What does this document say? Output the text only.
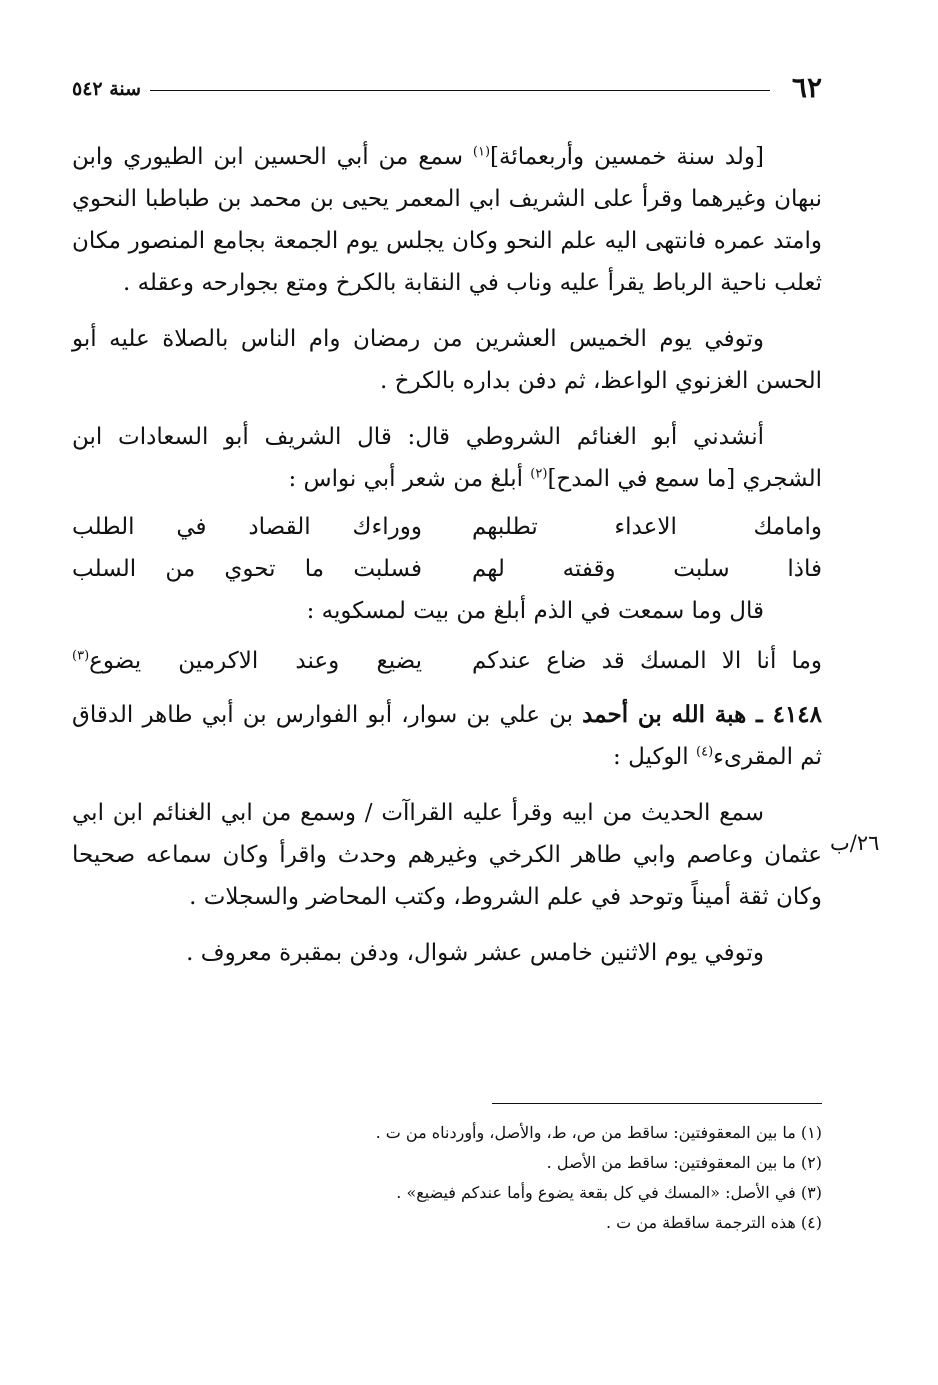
٦٢
سنة ٥٤٢

[ولد سنة خمسين وأربعمائة]$^{(١)}$ سمع من أبي الحسين ابن الطيوري وابن نبهان وغيرهما وقرأ على الشريف ابي المعمر يحيى بن محمد بن طباطبا النحوي وامتد عمره فانتهى اليه علم النحو وكان يجلس يوم الجمعة بجامع المنصور مكان ثعلب ناحية الرباط يقرأ عليه وناب في النقابة بالكرخ ومتع بجوارحه وعقله .

وتوفي يوم الخميس العشرين من رمضان وام الناس بالصلاة عليه أبو الحسن الغزنوي الواعظ، ثم دفن بداره بالكرخ .

أنشدني أبو الغنائم الشروطي قال: قال الشريف أبو السعادات ابن الشجري [ما سمع في المدح]$^{(٢)}$ أبلغ من شعر أبي نواس :

وامامك الاعداء تطلبهم
ووراءك القصاد في الطلب
فاذا سلبت وقفته لهم
فسلبت ما تحوي من السلب

قال وما سمعت في الذم أبلغ من بيت لمسكويه :

وما أنا الا المسك قد ضاع عندكم
يضيع وعند الاكرمين يضوع$^{(٣)}$

٤١٤٨ ـ هبة الله بن أحمد بن علي بن سوار، أبو الفوارس بن أبي طاهر الدقاق ثم المقرىء$^{(٤)}$ الوكيل :

سمع الحديث من ابيه وقرأ عليه القراآت / وسمع من ابي الغنائم ابن ابي عثمان وعاصم وابي طاهر الكرخي وغيرهم وحدث واقرأ وكان سماعه صحيحا وكان ثقة أميناً وتوحد في علم الشروط، وكتب المحاضر والسجلات .

وتوفي يوم الاثنين خامس عشر شوال، ودفن بمقبرة معروف .

٢٦/ب

(١) ما بين المعقوفتين: ساقط من ص، ط، والأصل، وأوردناه من ت .

(٢) ما بين المعقوفتين: ساقط من الأصل .

(٣) في الأصل: «المسك في كل بقعة يضوع وأما عندكم فيضيع» .

(٤) هذه الترجمة ساقطة من ت .
